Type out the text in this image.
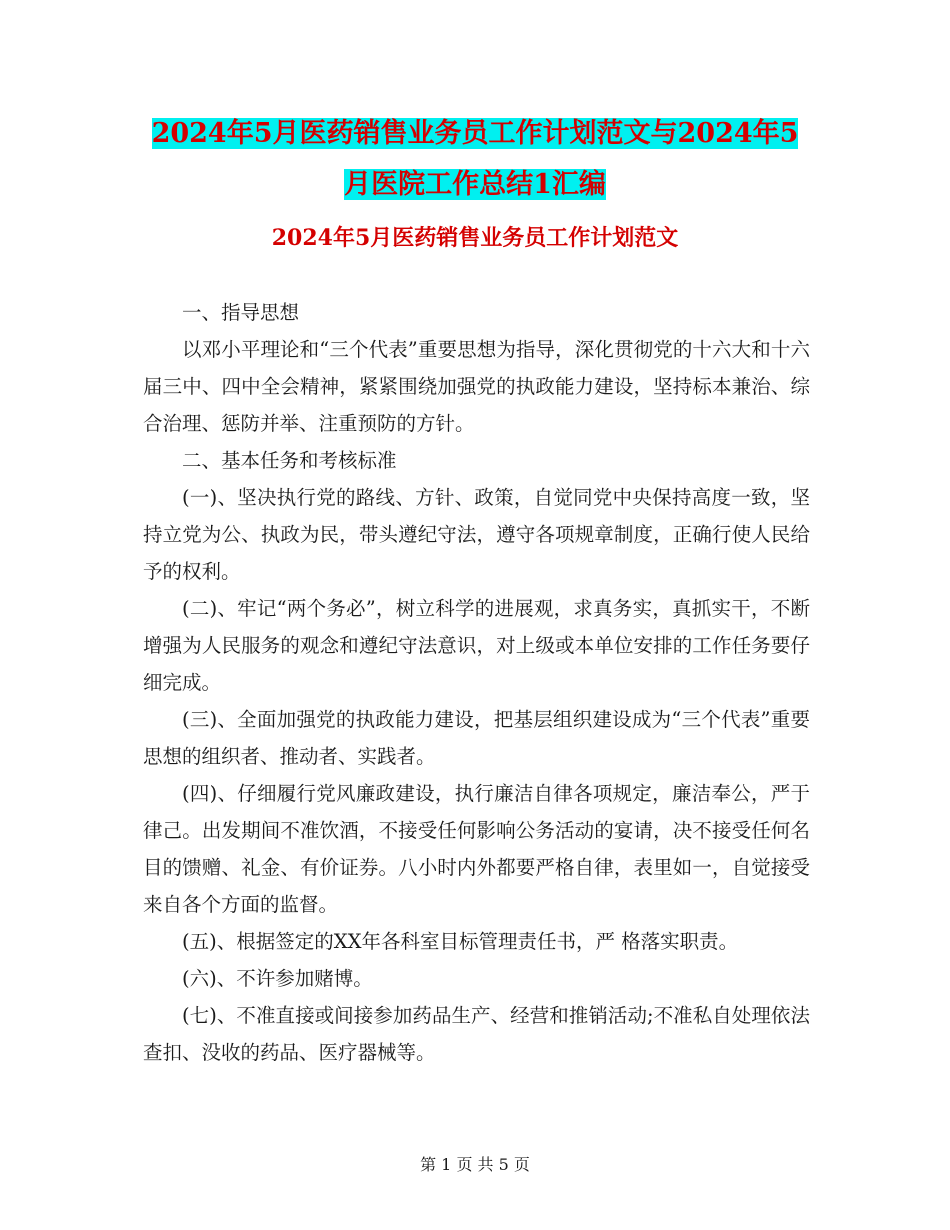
2024年5月医药销售业务员工作计划范文与2024年5月医院工作总结1汇编
2024年5月医药销售业务员工作计划范文

一、指导思想

以邓小平理论和“三个代表”重要思想为指导，深化贯彻党的十六大和十六届三中、四中全会精神，紧紧围绕加强党的执政能力建设，坚持标本兼治、综合治理、惩防并举、注重预防的方针。

二、基本任务和考核标准

(一)、坚决执行党的路线、方针、政策，自觉同党中央保持高度一致，坚持立党为公、执政为民，带头遵纪守法，遵守各项规章制度，正确行使人民给予的权利。

(二)、牢记“两个务必”，树立科学的进展观，求真务实，真抓实干，不断增强为人民服务的观念和遵纪守法意识，对上级或本单位安排的工作任务要仔细完成。

(三)、全面加强党的执政能力建设，把基层组织建设成为“三个代表”重要思想的组织者、推动者、实践者。

(四)、仔细履行党风廉政建设，执行廉洁自律各项规定，廉洁奉公，严于律己。出发期间不准饮酒，不接受任何影响公务活动的宴请，决不接受任何名目的馈赠、礼金、有价证券。八小时内外都要严格自律，表里如一，自觉接受来自各个方面的监督。

(五)、根据签定的XX年各科室目标管理责任书，严 格落实职责。

(六)、不许参加赌博。

(七)、不准直接或间接参加药品生产、经营和推销活动;不准私自处理依法查扣、没收的药品、医疗器械等。

第 1 页 共 5 页
